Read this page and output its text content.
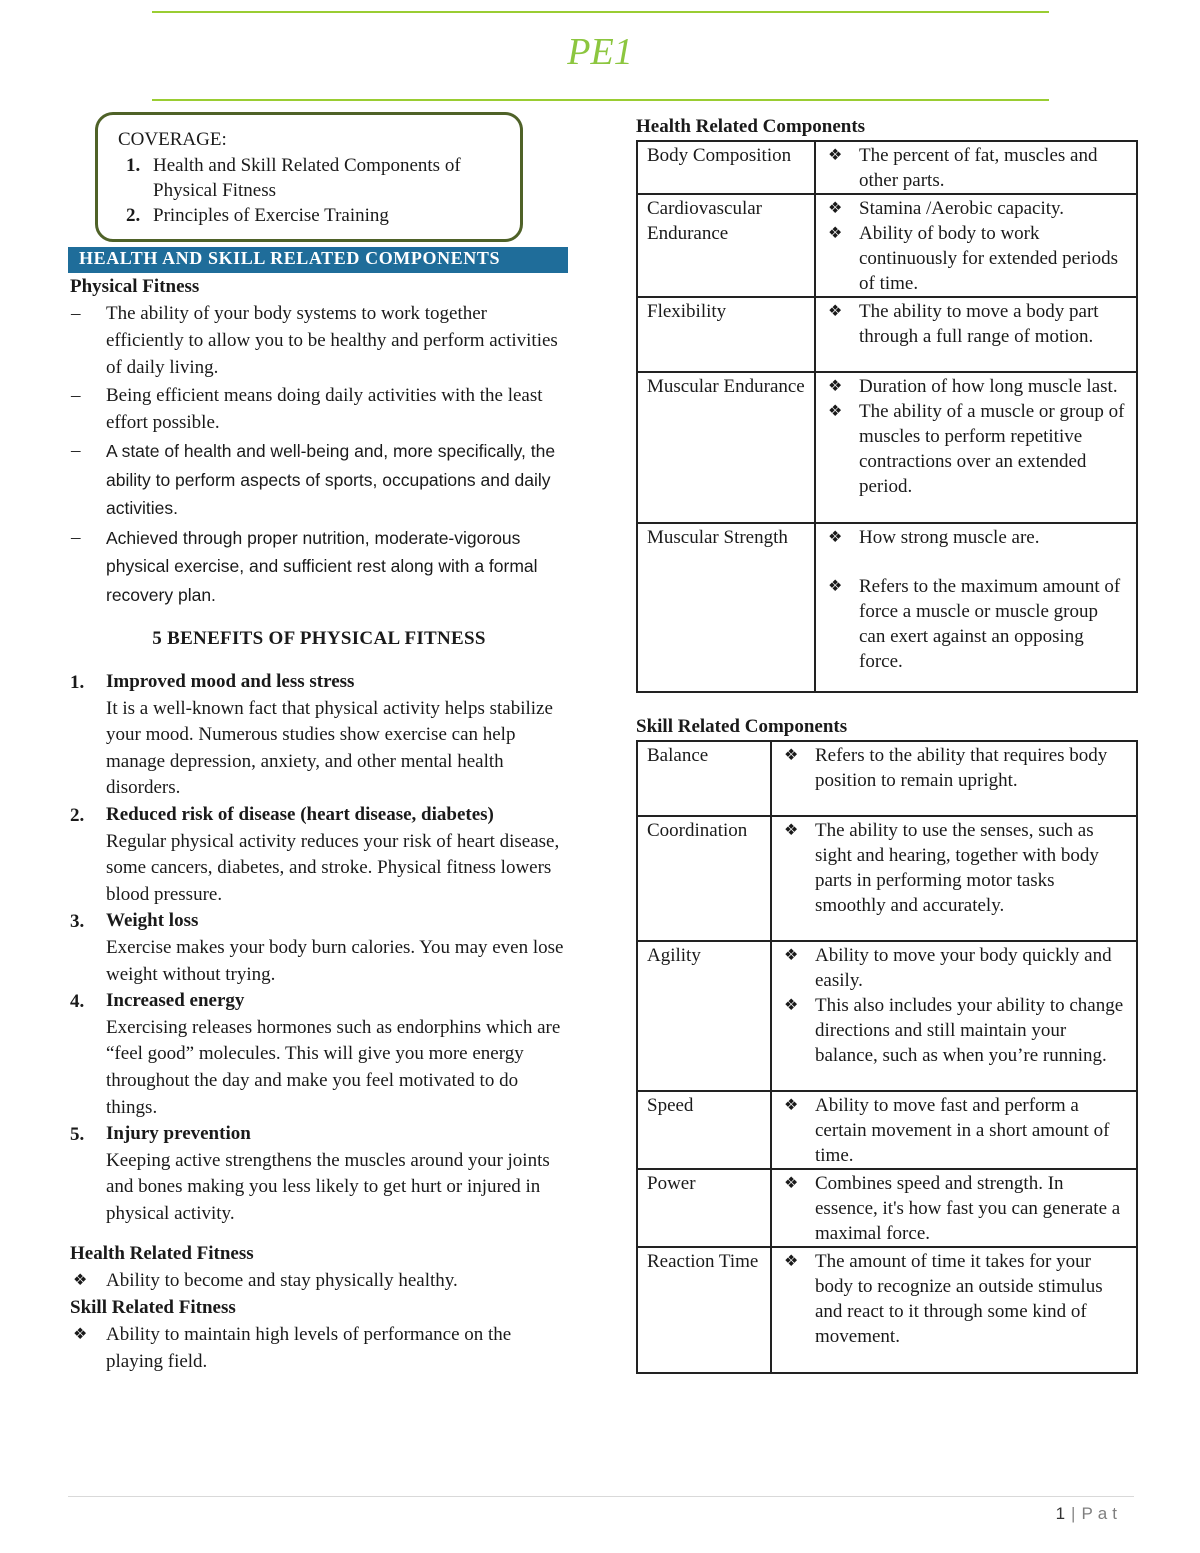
PE1
COVERAGE:
1. Health and Skill Related Components of Physical Fitness
2. Principles of Exercise Training
HEALTH AND SKILL RELATED COMPONENTS
Physical Fitness
–	The ability of your body systems to work together efficiently to allow you to be healthy and perform activities of daily living.
–	Being efficient means doing daily activities with the least effort possible.
–	A state of health and well-being and, more specifically, the ability to perform aspects of sports, occupations and daily activities.
–	Achieved through proper nutrition, moderate-vigorous physical exercise, and sufficient rest along with a formal recovery plan.
5 BENEFITS OF PHYSICAL FITNESS
1.	Improved mood and less stress
It is a well-known fact that physical activity helps stabilize your mood. Numerous studies show exercise can help manage depression, anxiety, and other mental health disorders.
2.	Reduced risk of disease (heart disease, diabetes)
Regular physical activity reduces your risk of heart disease, some cancers, diabetes, and stroke. Physical fitness lowers blood pressure.
3.	Weight loss
Exercise makes your body burn calories. You may even lose weight without trying.
4.	Increased energy
Exercising releases hormones such as endorphins which are “feel good” molecules. This will give you more energy throughout the day and make you feel motivated to do things.
5.	Injury prevention
Keeping active strengthens the muscles around your joints and bones making you less likely to get hurt or injured in physical activity.
Health Related Fitness
❖ Ability to become and stay physically healthy.
Skill Related Fitness
❖ Ability to maintain high levels of performance on the playing field.
Health Related Components
Body Composition	❖ The percent of fat, muscles and other parts.

Cardiovascular Endurance	❖ Stamina /Aerobic capacity.
❖ Ability of body to work continuously for extended periods of time.

Flexibility	❖ The ability to move a body part through a full range of motion.

Muscular Endurance	❖ Duration of how long muscle last.
❖ The ability of a muscle or group of muscles to perform repetitive contractions over an extended period.

Muscular Strength	❖ How strong muscle are.
❖ Refers to the maximum amount of force a muscle or muscle group can exert against an opposing force.
Skill Related Components
Balance	❖ Refers to the ability that requires body position to remain upright.

Coordination	❖ The ability to use the senses, such as sight and hearing, together with body parts in performing motor tasks smoothly and accurately.

Agility	❖ Ability to move your body quickly and easily.
❖ This also includes your ability to change directions and still maintain your balance, such as when you’re running.

Speed	❖ Ability to move fast and perform a certain movement in a short amount of time.

Power	❖ Combines speed and strength. In essence, it's how fast you can generate a maximal force.

Reaction Time	❖ The amount of time it takes for your body to recognize an outside stimulus and react to it through some kind of movement.
1 | Pat
